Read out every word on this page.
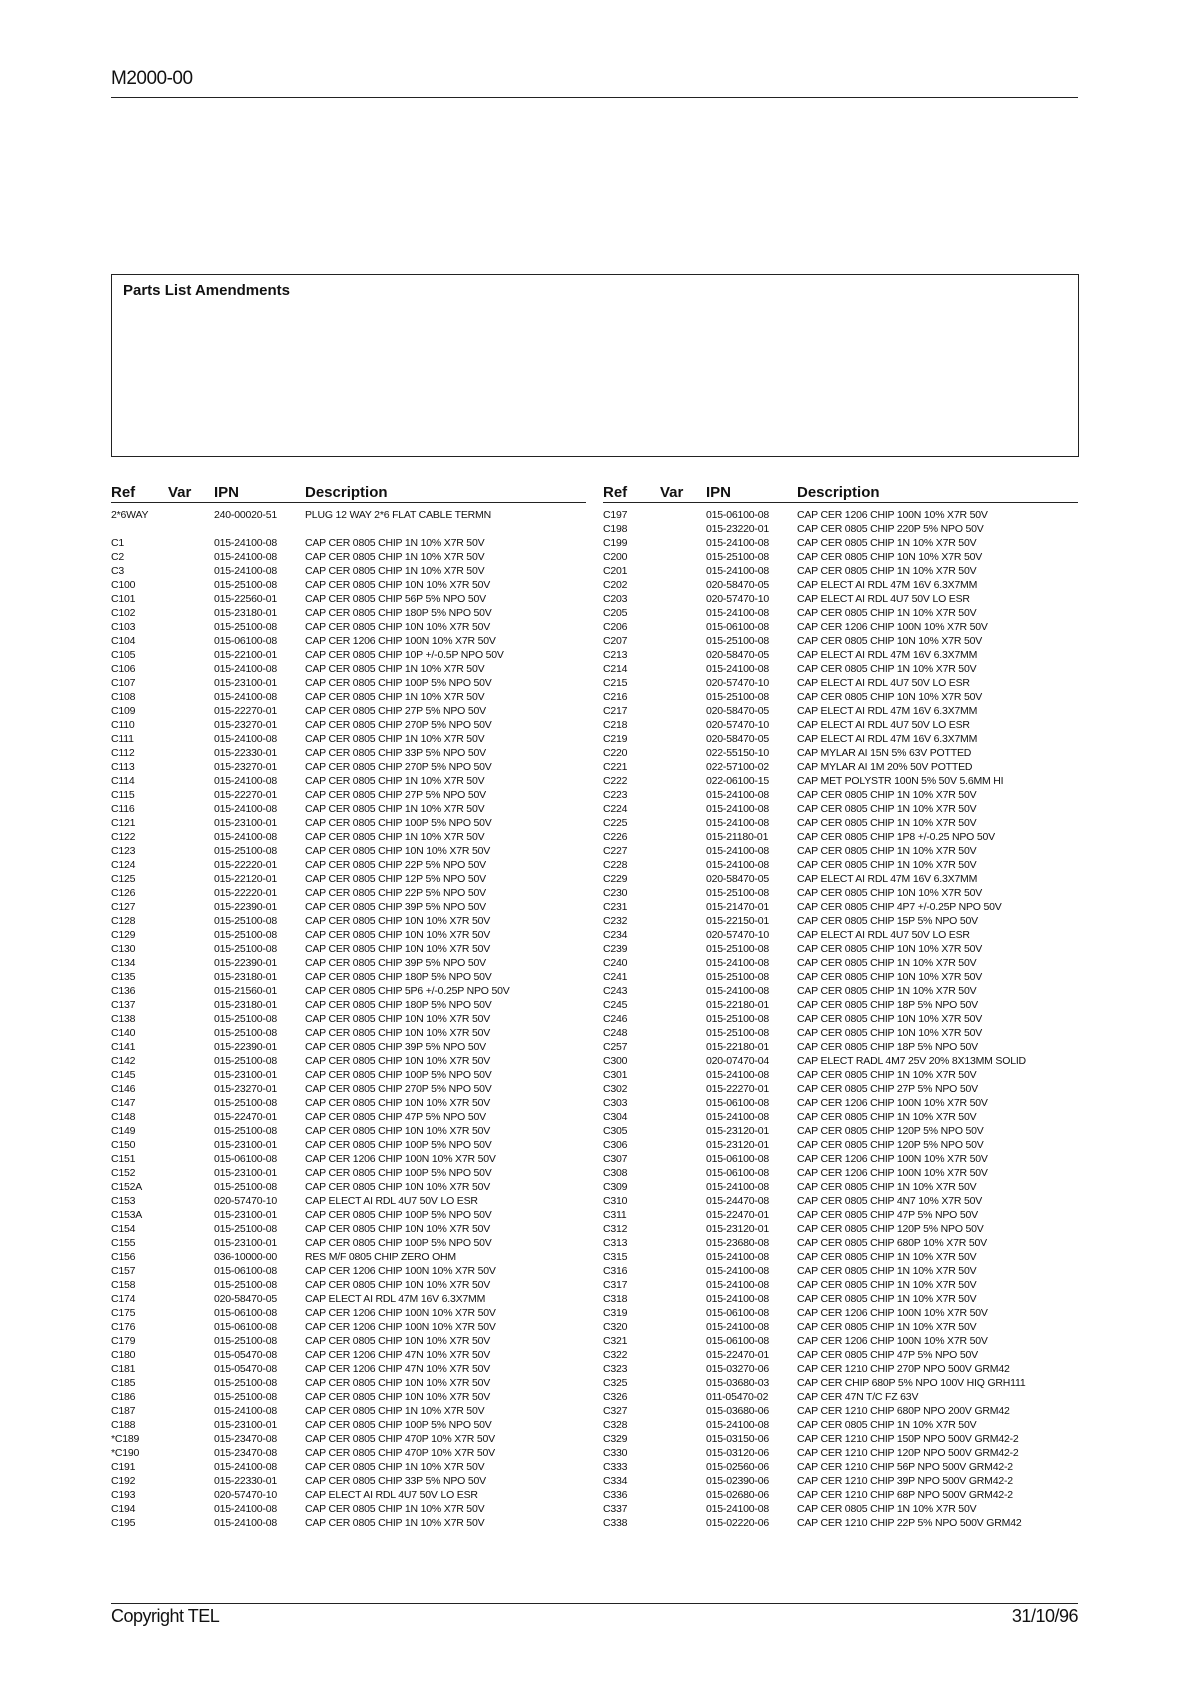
M2000-00
Parts List Amendments
Ref Var IPN	Description
2*6WAY	240-00020-51	PLUG 12 WAY 2*6 FLAT CABLE TERMN
C1	015-24100-08	CAP CER 0805 CHIP 1N 10% X7R 50V
C2	015-24100-08	CAP CER 0805 CHIP 1N 10% X7R 50V
C3	015-24100-08	CAP CER 0805 CHIP 1N 10% X7R 50V
C100	015-25100-08	CAP CER 0805 CHIP 10N 10% X7R 50V
C101	015-22560-01	CAP CER 0805 CHIP 56P 5% NPO 50V
C102	015-23180-01	CAP CER 0805 CHIP 180P 5% NPO 50V
C103	015-25100-08	CAP CER 0805 CHIP 10N 10% X7R 50V
C104	015-06100-08	CAP CER 1206 CHIP 100N 10% X7R 50V
C105	015-22100-01	CAP CER 0805 CHIP 10P +/-0.5P NPO 50V
C106	015-24100-08	CAP CER 0805 CHIP 1N 10% X7R 50V
C107	015-23100-01	CAP CER 0805 CHIP 100P 5% NPO 50V
C108	015-24100-08	CAP CER 0805 CHIP 1N 10% X7R 50V
C109	015-22270-01	CAP CER 0805 CHIP 27P 5% NPO 50V
C110	015-23270-01	CAP CER 0805 CHIP 270P 5% NPO 50V
C111	015-24100-08	CAP CER 0805 CHIP 1N 10% X7R 50V
C112	015-22330-01	CAP CER 0805 CHIP 33P 5% NPO 50V
C113	015-23270-01	CAP CER 0805 CHIP 270P 5% NPO 50V
C114	015-24100-08	CAP CER 0805 CHIP 1N 10% X7R 50V
C115	015-22270-01	CAP CER 0805 CHIP 27P 5% NPO 50V
C116	015-24100-08	CAP CER 0805 CHIP 1N 10% X7R 50V
C121	015-23100-01	CAP CER 0805 CHIP 100P 5% NPO 50V
C122	015-24100-08	CAP CER 0805 CHIP 1N 10% X7R 50V
C123	015-25100-08	CAP CER 0805 CHIP 10N 10% X7R 50V
C124	015-22220-01	CAP CER 0805 CHIP 22P 5% NPO 50V
C125	015-22120-01	CAP CER 0805 CHIP 12P 5% NPO 50V
C126	015-22220-01	CAP CER 0805 CHIP 22P 5% NPO 50V
C127	015-22390-01	CAP CER 0805 CHIP 39P 5% NPO 50V
C128	015-25100-08	CAP CER 0805 CHIP 10N 10% X7R 50V
C129	015-25100-08	CAP CER 0805 CHIP 10N 10% X7R 50V
C130	015-25100-08	CAP CER 0805 CHIP 10N 10% X7R 50V
C134	015-22390-01	CAP CER 0805 CHIP 39P 5% NPO 50V
C135	015-23180-01	CAP CER 0805 CHIP 180P 5% NPO 50V
C136	015-21560-01	CAP CER 0805 CHIP 5P6 +/-0.25P NPO 50V
C137	015-23180-01	CAP CER 0805 CHIP 180P 5% NPO 50V
C138	015-25100-08	CAP CER 0805 CHIP 10N 10% X7R 50V
C140	015-25100-08	CAP CER 0805 CHIP 10N 10% X7R 50V
C141	015-22390-01	CAP CER 0805 CHIP 39P 5% NPO 50V
C142	015-25100-08	CAP CER 0805 CHIP 10N 10% X7R 50V
C145	015-23100-01	CAP CER 0805 CHIP 100P 5% NPO 50V
C146	015-23270-01	CAP CER 0805 CHIP 270P 5% NPO 50V
C147	015-25100-08	CAP CER 0805 CHIP 10N 10% X7R 50V
C148	015-22470-01	CAP CER 0805 CHIP 47P 5% NPO 50V
C149	015-25100-08	CAP CER 0805 CHIP 10N 10% X7R 50V
C150	015-23100-01	CAP CER 0805 CHIP 100P 5% NPO 50V
C151	015-06100-08	CAP CER 1206 CHIP 100N 10% X7R 50V
C152	015-23100-01	CAP CER 0805 CHIP 100P 5% NPO 50V
C152A	015-25100-08	CAP CER 0805 CHIP 10N 10% X7R 50V
C153	020-57470-10	CAP ELECT AI RDL 4U7 50V LO ESR
C153A	015-23100-01	CAP CER 0805 CHIP 100P 5% NPO 50V
C154	015-25100-08	CAP CER 0805 CHIP 10N 10% X7R 50V
C155	015-23100-01	CAP CER 0805 CHIP 100P 5% NPO 50V
C156	036-10000-00	RES M/F 0805 CHIP ZERO OHM
C157	015-06100-08	CAP CER 1206 CHIP 100N 10% X7R 50V
C158	015-25100-08	CAP CER 0805 CHIP 10N 10% X7R 50V
C174	020-58470-05	CAP ELECT AI RDL 47M 16V 6.3X7MM
C175	015-06100-08	CAP CER 1206 CHIP 100N 10% X7R 50V
C176	015-06100-08	CAP CER 1206 CHIP 100N 10% X7R 50V
C179	015-25100-08	CAP CER 0805 CHIP 10N 10% X7R 50V
C180	015-05470-08	CAP CER 1206 CHIP 47N 10% X7R 50V
C181	015-05470-08	CAP CER 1206 CHIP 47N 10% X7R 50V
C185	015-25100-08	CAP CER 0805 CHIP 10N 10% X7R 50V
C186	015-25100-08	CAP CER 0805 CHIP 10N 10% X7R 50V
C187	015-24100-08	CAP CER 0805 CHIP 1N 10% X7R 50V
C188	015-23100-01	CAP CER 0805 CHIP 100P 5% NPO 50V
*C189	015-23470-08	CAP CER 0805 CHIP 470P 10% X7R 50V
*C190	015-23470-08	CAP CER 0805 CHIP 470P 10% X7R 50V
C191	015-24100-08	CAP CER 0805 CHIP 1N 10% X7R 50V
C192	015-22330-01	CAP CER 0805 CHIP 33P 5% NPO 50V
C193	020-57470-10	CAP ELECT AI RDL 4U7 50V LO ESR
C194	015-24100-08	CAP CER 0805 CHIP 1N 10% X7R 50V
C195	015-24100-08	CAP CER 0805 CHIP 1N 10% X7R 50V
Ref Var IPN	Description
C197	015-06100-08	CAP CER 1206 CHIP 100N 10% X7R 50V
C198	015-23220-01	CAP CER 0805 CHIP 220P 5% NPO 50V
C199	015-24100-08	CAP CER 0805 CHIP 1N 10% X7R 50V
C200	015-25100-08	CAP CER 0805 CHIP 10N 10% X7R 50V
C201	015-24100-08	CAP CER 0805 CHIP 1N 10% X7R 50V
C202	020-58470-05	CAP ELECT AI RDL 47M 16V 6.3X7MM
C203	020-57470-10	CAP ELECT AI RDL 4U7 50V LO ESR
C205	015-24100-08	CAP CER 0805 CHIP 1N 10% X7R 50V
C206	015-06100-08	CAP CER 1206 CHIP 100N 10% X7R 50V
C207	015-25100-08	CAP CER 0805 CHIP 10N 10% X7R 50V
C213	020-58470-05	CAP ELECT AI RDL 47M 16V 6.3X7MM
C214	015-24100-08	CAP CER 0805 CHIP 1N 10% X7R 50V
C215	020-57470-10	CAP ELECT AI RDL 4U7 50V LO ESR
C216	015-25100-08	CAP CER 0805 CHIP 10N 10% X7R 50V
C217	020-58470-05	CAP ELECT AI RDL 47M 16V 6.3X7MM
C218	020-57470-10	CAP ELECT AI RDL 4U7 50V LO ESR
C219	020-58470-05	CAP ELECT AI RDL 47M 16V 6.3X7MM
C220	022-55150-10	CAP MYLAR AI 15N 5% 63V POTTED
C221	022-57100-02	CAP MYLAR AI 1M 20% 50V POTTED
C222	022-06100-15	CAP MET POLYSTR 100N 5% 50V 5.6MM HI
C223	015-24100-08	CAP CER 0805 CHIP 1N 10% X7R 50V
C224	015-24100-08	CAP CER 0805 CHIP 1N 10% X7R 50V
C225	015-24100-08	CAP CER 0805 CHIP 1N 10% X7R 50V
C226	015-21180-01	CAP CER 0805 CHIP 1P8 +/-0.25 NPO 50V
C227	015-24100-08	CAP CER 0805 CHIP 1N 10% X7R 50V
C228	015-24100-08	CAP CER 0805 CHIP 1N 10% X7R 50V
C229	020-58470-05	CAP ELECT AI RDL 47M 16V 6.3X7MM
C230	015-25100-08	CAP CER 0805 CHIP 10N 10% X7R 50V
C231	015-21470-01	CAP CER 0805 CHIP 4P7 +/-0.25P NPO 50V
C232	015-22150-01	CAP CER 0805 CHIP 15P 5% NPO 50V
C234	020-57470-10	CAP ELECT AI RDL 4U7 50V LO ESR
C239	015-25100-08	CAP CER 0805 CHIP 10N 10% X7R 50V
C240	015-24100-08	CAP CER 0805 CHIP 1N 10% X7R 50V
C241	015-25100-08	CAP CER 0805 CHIP 10N 10% X7R 50V
C243	015-24100-08	CAP CER 0805 CHIP 1N 10% X7R 50V
C245	015-22180-01	CAP CER 0805 CHIP 18P 5% NPO 50V
C246	015-25100-08	CAP CER 0805 CHIP 10N 10% X7R 50V
C248	015-25100-08	CAP CER 0805 CHIP 10N 10% X7R 50V
C257	015-22180-01	CAP CER 0805 CHIP 18P 5% NPO 50V
C300	020-07470-04	CAP ELECT RADL 4M7 25V 20% 8X13MM SOLID
C301	015-24100-08	CAP CER 0805 CHIP 1N 10% X7R 50V
C302	015-22270-01	CAP CER 0805 CHIP 27P 5% NPO 50V
C303	015-06100-08	CAP CER 1206 CHIP 100N 10% X7R 50V
C304	015-24100-08	CAP CER 0805 CHIP 1N 10% X7R 50V
C305	015-23120-01	CAP CER 0805 CHIP 120P 5% NPO 50V
C306	015-23120-01	CAP CER 0805 CHIP 120P 5% NPO 50V
C307	015-06100-08	CAP CER 1206 CHIP 100N 10% X7R 50V
C308	015-06100-08	CAP CER 1206 CHIP 100N 10% X7R 50V
C309	015-24100-08	CAP CER 0805 CHIP 1N 10% X7R 50V
C310	015-24470-08	CAP CER 0805 CHIP 4N7 10% X7R 50V
C311	015-22470-01	CAP CER 0805 CHIP 47P 5% NPO 50V
C312	015-23120-01	CAP CER 0805 CHIP 120P 5% NPO 50V
C313	015-23680-08	CAP CER 0805 CHIP 680P 10% X7R 50V
C315	015-24100-08	CAP CER 0805 CHIP 1N 10% X7R 50V
C316	015-24100-08	CAP CER 0805 CHIP 1N 10% X7R 50V
C317	015-24100-08	CAP CER 0805 CHIP 1N 10% X7R 50V
C318	015-24100-08	CAP CER 0805 CHIP 1N 10% X7R 50V
C319	015-06100-08	CAP CER 1206 CHIP 100N 10% X7R 50V
C320	015-24100-08	CAP CER 0805 CHIP 1N 10% X7R 50V
C321	015-06100-08	CAP CER 1206 CHIP 100N 10% X7R 50V
C322	015-22470-01	CAP CER 0805 CHIP 47P 5% NPO 50V
C323	015-03270-06	CAP CER 1210 CHIP 270P NPO 500V GRM42
C325	015-03680-03	CAP CER CHIP 680P 5% NPO 100V HIQ GRH111
C326	011-05470-02	CAP CER 47N T/C FZ 63V
C327	015-03680-06	CAP CER 1210 CHIP 680P NPO 200V GRM42
C328	015-24100-08	CAP CER 0805 CHIP 1N 10% X7R 50V
C329	015-03150-06	CAP CER 1210 CHIP 150P NPO 500V GRM42-2
C330	015-03120-06	CAP CER 1210 CHIP 120P NPO 500V GRM42-2
C333	015-02560-06	CAP CER 1210 CHIP 56P NPO 500V GRM42-2
C334	015-02390-06	CAP CER 1210 CHIP 39P NPO 500V GRM42-2
C336	015-02680-06	CAP CER 1210 CHIP 68P NPO 500V GRM42-2
C337	015-24100-08	CAP CER 0805 CHIP 1N 10% X7R 50V
C338	015-02220-06	CAP CER 1210 CHIP 22P 5% NPO 500V GRM42
Copyright TEL	31/10/96
